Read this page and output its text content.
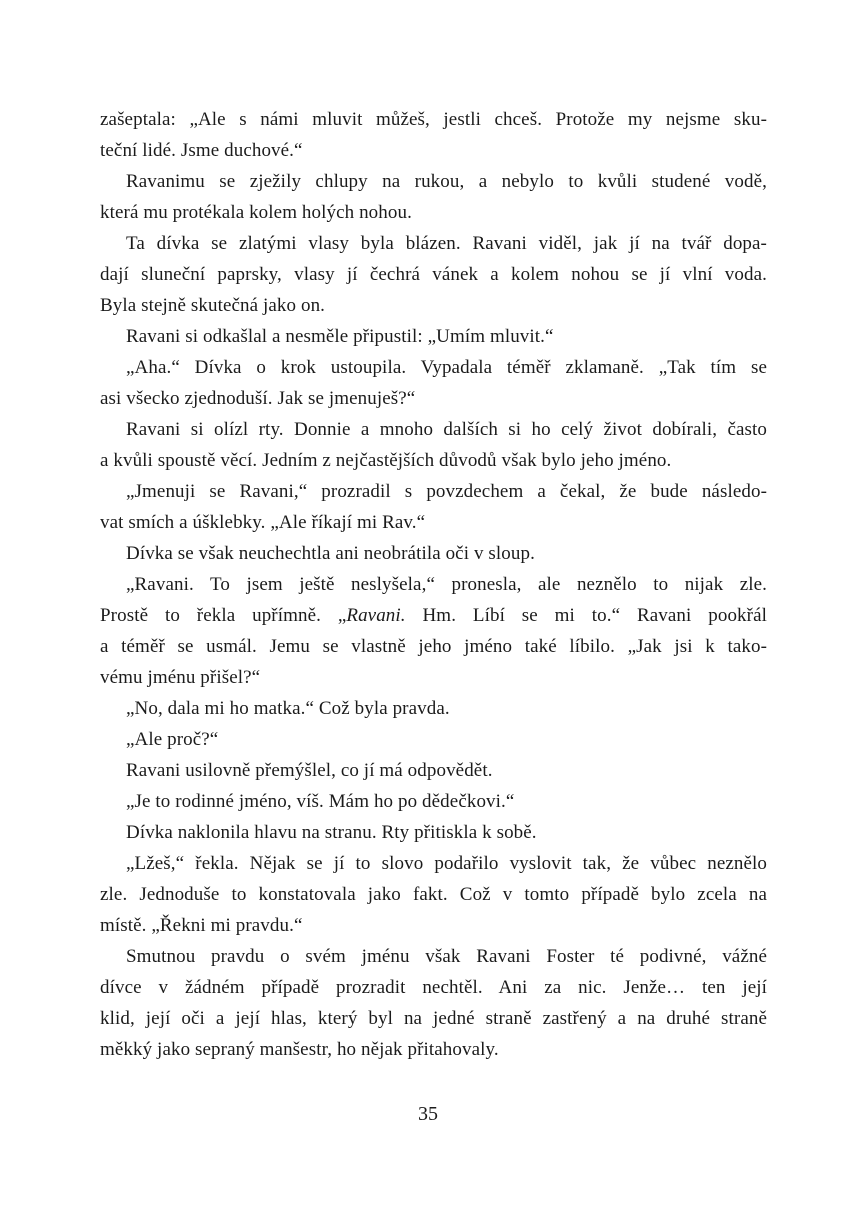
zašeptala: „Ale s námi mluvit můžeš, jestli chceš. Protože my nejsme sku-
teční lidé. Jsme duchové.“
Ravanimu se zježily chlupy na rukou, a nebylo to kvůli studené vodě,
která mu protékala kolem holých nohou.
Ta dívka se zlatými vlasy byla blázen. Ravani viděl, jak jí na tvář dopa-
dají sluneční paprsky, vlasy jí čechrá vánek a kolem nohou se jí vlní voda.
Byla stejně skutečná jako on.
Ravani si odkašlal a nesměle připustil: „Umím mluvit.“
„Aha.“ Dívka o krok ustoupila. Vypadala téměř zklamaně. „Tak tím se
asi všecko zjednoduší. Jak se jmenuješ?“
Ravani si olízl rty. Donnie a mnoho dalších si ho celý život dobírali, často
a kvůli spoustě věcí. Jedním z nejčastějších důvodů však bylo jeho jméno.
„Jmenuji se Ravani,“ prozradil s povzdechem a čekal, že bude následo-
vat smích a úšklebky. „Ale říkají mi Rav.“
Dívka se však neuchechtla ani neobrátila oči v sloup.
„Ravani. To jsem ještě neslyšela,“ pronesla, ale neznělo to nijak zle.
Prostě to řekla upřímně. „Ravani. Hm. Líbí se mi to.“ Ravani pookřál
a téměř se usmál. Jemu se vlastně jeho jméno také líbilo. „Jak jsi k tako-
vému jménu přišel?“
„No, dala mi ho matka.“ Což byla pravda.
„Ale proč?“
Ravani usilovně přemýšlel, co jí má odpovědět.
„Je to rodinné jméno, víš. Mám ho po dědečkovi.“
Dívka naklonila hlavu na stranu. Rty přitiskla k sobě.
„Lžeš,“ řekla. Nějak se jí to slovo podařilo vyslovit tak, že vůbec neznělo
zle. Jednoduše to konstatovala jako fakt. Což v tomto případě bylo zcela na
místě. „Řekni mi pravdu.“
Smutnou pravdu o svém jménu však Ravani Foster té podivné, vážné
dívce v žádném případě prozradit nechtěl. Ani za nic. Jenže… ten její
klid, její oči a její hlas, který byl na jedné straně zastřený a na druhé straně
měkký jako sepraný manšestr, ho nějak přitahovaly.
35
